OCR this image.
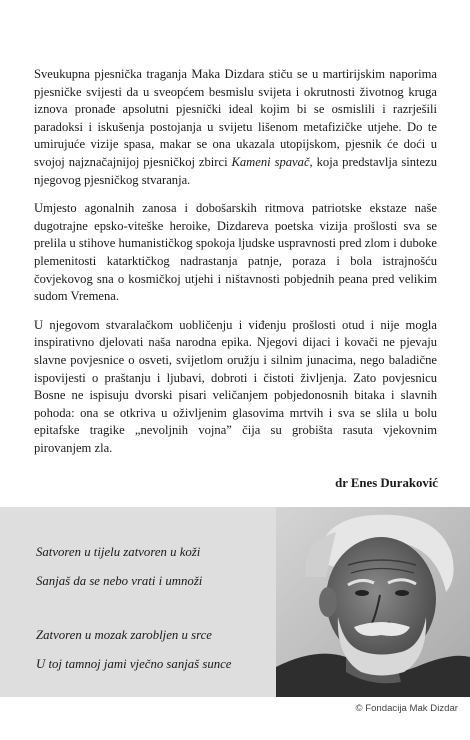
Sveukupna pjesnička traganja Maka Dizdara stiču se u martirijskim naporima pjesničke svijesti da u sveopćem besmislu svijeta i okrutnosti životnog kruga iznova pronađe apsolutni pjesnički ideal kojim bi se osmislili i razrješili paradoksi i iskušenja postojanja u svijetu lišenom metafizičke utjehe. Do te umirujuće vizije spasa, makar se ona ukazala utopijskom, pjesnik će doći u svojoj najznačajnijoj pjesničkoj zbirci Kameni spavač, koja predstavlja sintezu njegovog pjesničkog stvaranja.

Umjesto agonalnih zanosa i dobošarskih ritmova patriotske ekstaze naše dugotrajne epsko-viteške heroike, Dizdareva poetska vizija prošlosti sva se prelila u stihove humanističkog spokoja ljudske uspravnosti pred zlom i duboke plemenitosti katarktičkog nadrastanja patnje, poraza i bola istrajnošću čovjekovog sna o kosmičkoj utjehi i ništavnosti pobjednih peana pred velikim sudom Vremena.

U njegovom stvaralačkom uobličenju i viđenju prošlosti otud i nije mogla inspirativno djelovati naša narodna epika. Njegovi dijaci i kovači ne pjevaju slavne povjesnice o osveti, svijetlom oružju i silnim junacima, nego baladične ispovijesti o praštanju i ljubavi, dobroti i čistoti življenja. Zato povjesnicu Bosne ne ispisuju dvorski pisari veličanjem pobjedonosnih bitaka i slavnih pohoda: ona se otkriva u oživljenim glasovima mrtvih i sva se slila u bolu epitafske tragike „nevoljnih vojna” čija su grobišta rasuta vjekovnim pirovanjem zla.

dr Enes Duraković
Satvoren u tijelu zatvoren u koži
Sanjaš da se nebo vrati i umnoži
Zatvoren u mozak zarobljen u srce
U toj tamnoj jami vječno sanjaš sunce
© Fondacija Mak Dizdar
